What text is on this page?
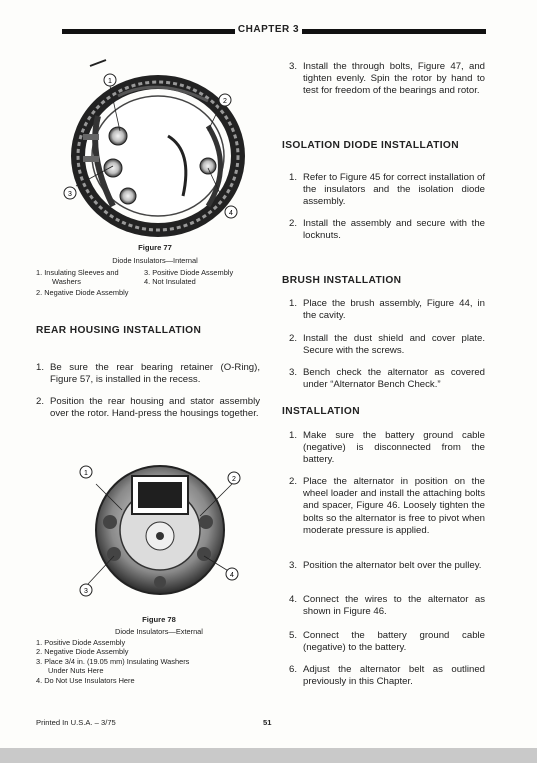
CHAPTER 3
1
2
3
4
Figure 77
Diode Insulators—Internal
1. Insulating Sleeves and
Washers
3. Positive Diode Assembly
4. Not Insulated
2. Negative Diode Assembly
REAR HOUSING INSTALLATION
1. Be sure the rear bearing retainer (O-Ring), Figure 57, is installed in the recess.
2. Position the rear housing and stator assembly over the rotor. Hand-press the housings together.
1
2
3
4
Figure 78
Diode Insulators—External
1. Positive Diode Assembly
2. Negative Diode Assembly
3. Place 3/4 in. (19.05 mm) Insulating Washers
Under Nuts Here
4. Do Not Use Insulators Here
3. Install the through bolts, Figure 47, and tighten evenly. Spin the rotor by hand to test for freedom of the bearings and rotor.
ISOLATION DIODE INSTALLATION
1. Refer to Figure 45 for correct installation of the insulators and the isolation diode assembly.
2. Install the assembly and secure with the locknuts.
BRUSH INSTALLATION
1. Place the brush assembly, Figure 44, in the cavity.
2. Install the dust shield and cover plate. Secure with the screws.
3. Bench check the alternator as covered under “Alternator Bench Check.”
INSTALLATION
1. Make sure the battery ground cable (negative) is disconnected from the battery.
2. Place the alternator in position on the wheel loader and install the attaching bolts and spacer, Figure 46. Loosely tighten the bolts so the alternator is free to pivot when moderate pressure is applied.
3. Position the alternator belt over the pulley.
4. Connect the wires to the alternator as shown in Figure 46.
5. Connect the battery ground cable (negative) to the battery.
6. Adjust the alternator belt as outlined previously in this Chapter.
Printed In U.S.A. – 3/75	51
